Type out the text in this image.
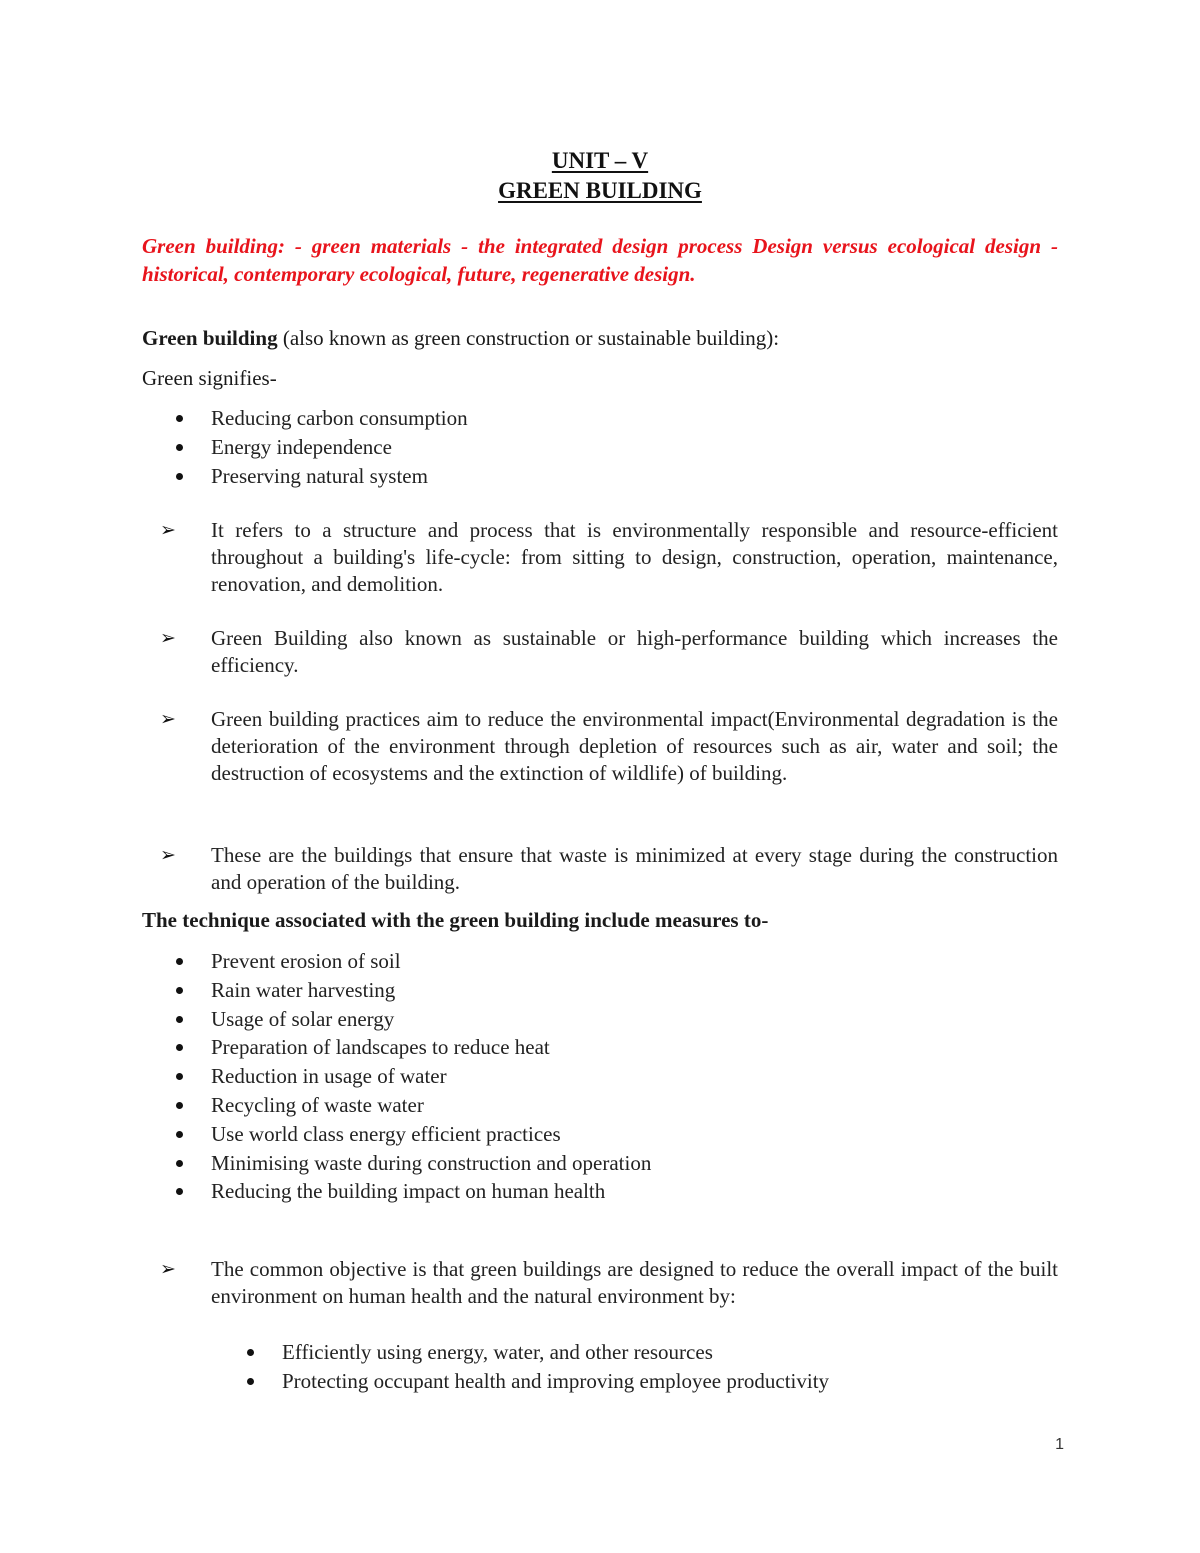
UNIT – V
GREEN BUILDING

Green building: - green materials - the integrated design process Design versus ecological design - historical, contemporary ecological, future, regenerative design.

Green building (also known as green construction or sustainable building):

Green signifies-

Reducing carbon consumption
Energy independence
Preserving natural system
➢ It refers to a structure and process that is environmentally responsible and resource-efficient throughout a building's life-cycle: from sitting to design, construction, operation, maintenance, renovation, and demolition.
➢ Green Building also known as sustainable or high-performance building which increases the efficiency.
➢ Green building practices aim to reduce the environmental impact(Environmental degradation is the deterioration of the environment through depletion of resources such as air, water and soil; the destruction of ecosystems and the extinction of wildlife) of building.
➢ These are the buildings that ensure that waste is minimized at every stage during the construction and operation of the building.

The technique associated with the green building include measures to-

Prevent erosion of soil
Rain water harvesting
Usage of solar energy
Preparation of landscapes to reduce heat
Reduction in usage of water
Recycling of waste water
Use world class energy efficient practices
Minimising waste during construction and operation
Reducing the building impact on human health
➢ The common objective is that green buildings are designed to reduce the overall impact of the built environment on human health and the natural environment by:
Efficiently using energy, water, and other resources
Protecting occupant health and improving employee productivity
1
